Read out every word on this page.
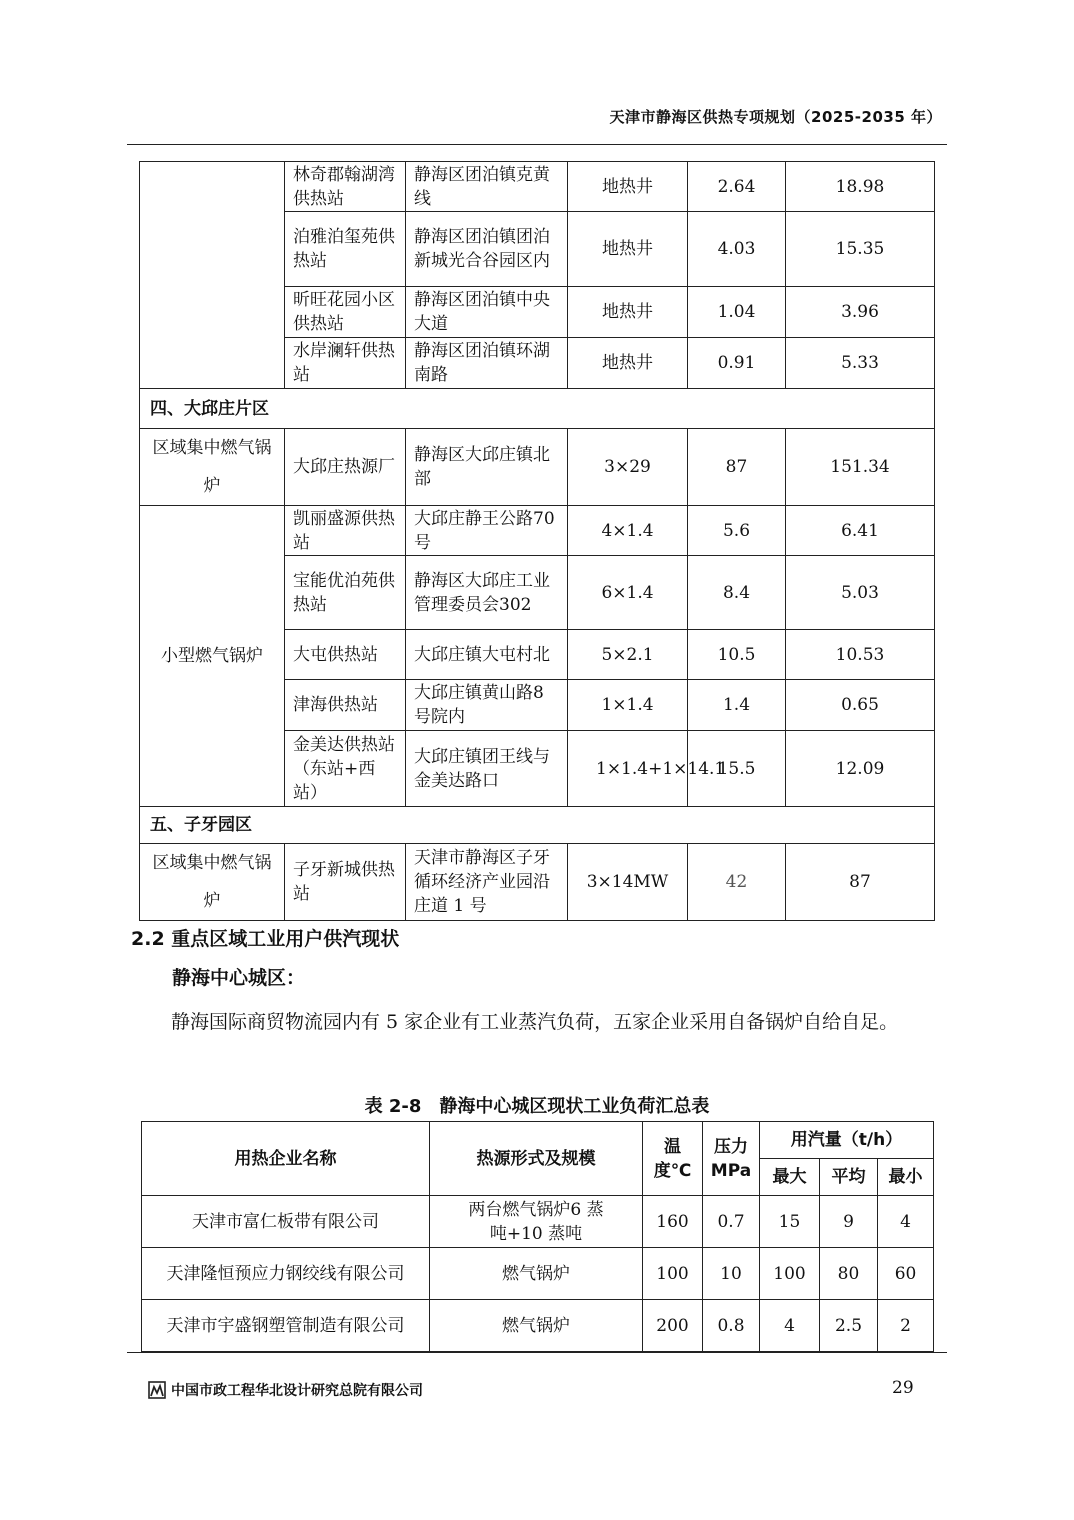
天津市静海区供热专项规划（2025-2035 年）
	林奇郡翰湖湾供热站	静海区团泊镇克黄线	地热井	2.64	18.98
	泊雅泊玺苑供热站	静海区团泊镇团泊新城光合谷园区内	地热井	4.03	15.35
	昕旺花园小区供热站	静海区团泊镇中央大道	地热井	1.04	3.96
	水岸澜轩供热站	静海区团泊镇环湖南路	地热井	0.91	5.33
四、大邱庄片区					
区域集中燃气锅炉	大邱庄热源厂	静海区大邱庄镇北部	3×29	87	151.34
小型燃气锅炉	凯丽盛源供热站	大邱庄静王公路70 号	4×1.4	5.6	6.41
	宝能优泊苑供热站	静海区大邱庄工业管理委员会302	6×1.4	8.4	5.03
	大屯供热站	大邱庄镇大屯村北	5×2.1	10.5	10.53
	津海供热站	大邱庄镇黄山路8 号院内	1×1.4	1.4	0.65
	金美达供热站（东站+西站）	大邱庄镇团王线与金美达路口	1×1.4+1×14.1	15.5	12.09
五、子牙园区					
区域集中燃气锅炉	子牙新城供热站	天津市静海区子牙循环经济产业园沿庄道 1 号	3×14MW	42	87
2.2 重点区域工业用户供汽现状
静海中心城区：

静海国际商贸物流园内有 5 家企业有工业蒸汽负荷，五家企业采用自备锅炉自给自足。

表 2-8　静海中心城区现状工业负荷汇总表
用热企业名称	热源形式及规模	温度℃	压力MPa	用汽量（t/h）		
				最大	平均	最小
天津市富仁板带有限公司	两台燃气锅炉6 蒸吨+10 蒸吨	160	0.7	15	9	4
天津隆恒预应力钢绞线有限公司	燃气锅炉	100	10	100	80	60
天津市宇盛钢塑管制造有限公司	燃气锅炉	200	0.8	4	2.5	2
中国市政工程华北设计研究总院有限公司	29
